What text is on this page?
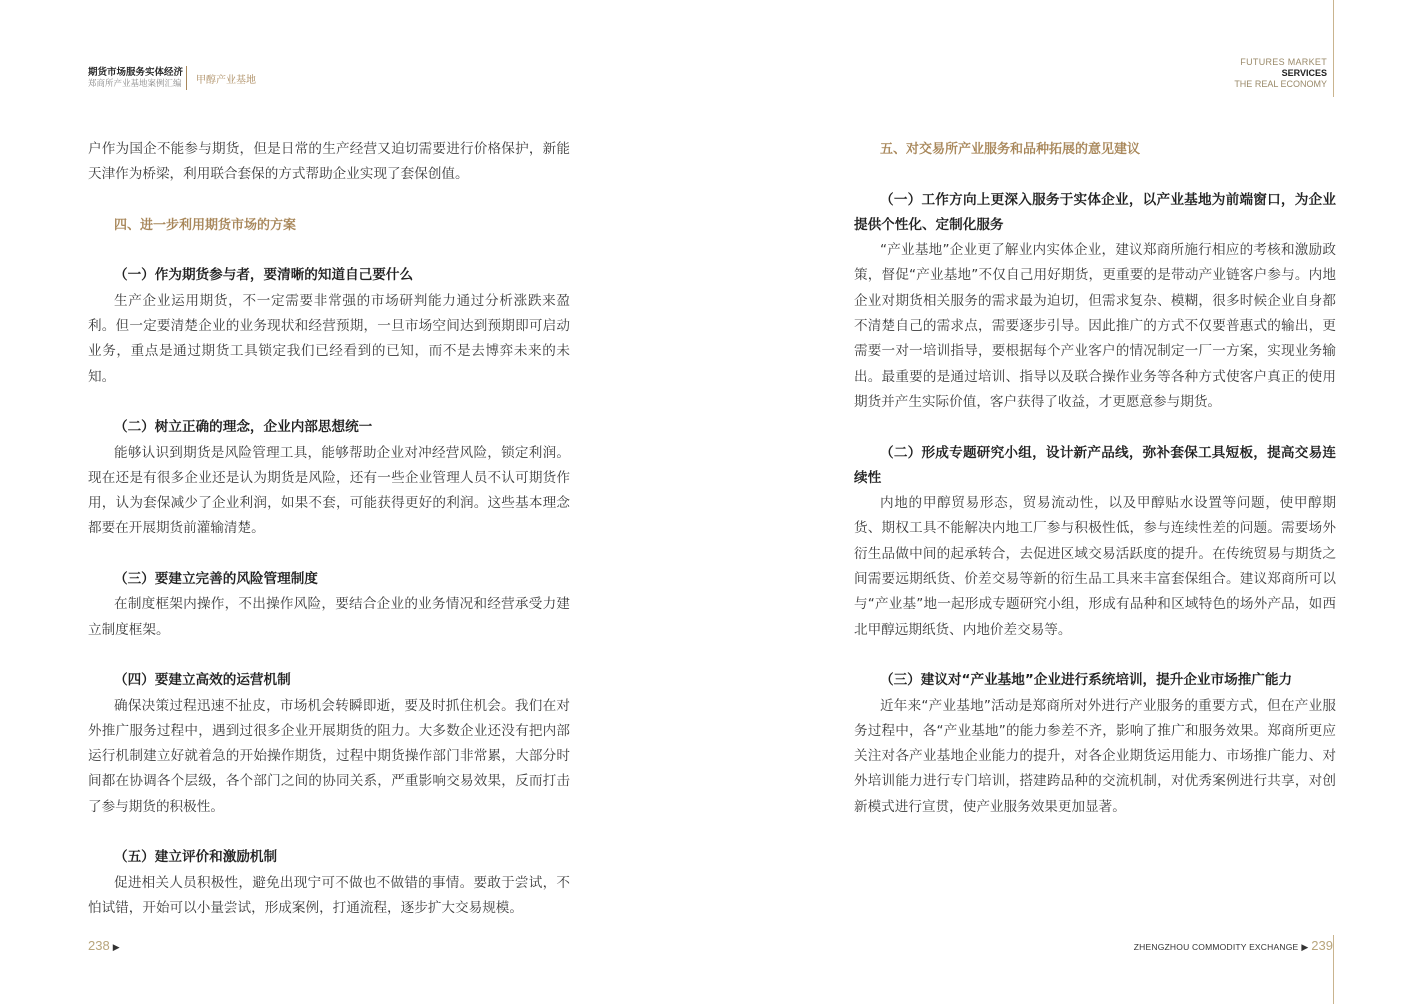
期货市场服务实体经济
郑商所产业基地案例汇编 甲醇产业基地
FUTURES MARKET
SERVICES
THE REAL ECONOMY

户作为国企不能参与期货，但是日常的生产经营又迫切需要进行价格保护，新能天津作为桥梁，利用联合套保的方式帮助企业实现了套保创值。

四、进一步利用期货市场的方案

（一）作为期货参与者，要清晰的知道自己要什么

生产企业运用期货，不一定需要非常强的市场研判能力通过分析涨跌来盈利。但一定要清楚企业的业务现状和经营预期，一旦市场空间达到预期即可启动业务，重点是通过期货工具锁定我们已经看到的已知，而不是去博弈未来的未知。

（二）树立正确的理念，企业内部思想统一

能够认识到期货是风险管理工具，能够帮助企业对冲经营风险，锁定利润。现在还是有很多企业还是认为期货是风险，还有一些企业管理人员不认可期货作用，认为套保减少了企业利润，如果不套，可能获得更好的利润。这些基本理念都要在开展期货前灌输清楚。

（三）要建立完善的风险管理制度

在制度框架内操作，不出操作风险，要结合企业的业务情况和经营承受力建立制度框架。

（四）要建立高效的运营机制

确保决策过程迅速不扯皮，市场机会转瞬即逝，要及时抓住机会。我们在对外推广服务过程中，遇到过很多企业开展期货的阻力。大多数企业还没有把内部运行机制建立好就着急的开始操作期货，过程中期货操作部门非常累，大部分时间都在协调各个层级，各个部门之间的协同关系，严重影响交易效果，反而打击了参与期货的积极性。

（五）建立评价和激励机制

促进相关人员积极性，避免出现宁可不做也不做错的事情。要敢于尝试，不怕试错，开始可以小量尝试，形成案例，打通流程，逐步扩大交易规模。

五、对交易所产业服务和品种拓展的意见建议

（一）工作方向上更深入服务于实体企业，以产业基地为前端窗口，为企业提供个性化、定制化服务

“产业基地”企业更了解业内实体企业，建议郑商所施行相应的考核和激励政策，督促“产业基地”不仅自己用好期货，更重要的是带动产业链客户参与。内地企业对期货相关服务的需求最为迫切，但需求复杂、模糊，很多时候企业自身都不清楚自己的需求点，需要逐步引导。因此推广的方式不仅要普惠式的输出，更需要一对一培训指导，要根据每个产业客户的情况制定一厂一方案，实现业务输出。最重要的是通过培训、指导以及联合操作业务等各种方式使客户真正的使用期货并产生实际价值，客户获得了收益，才更愿意参与期货。

（二）形成专题研究小组，设计新产品线，弥补套保工具短板，提高交易连续性

内地的甲醇贸易形态，贸易流动性，以及甲醇贴水设置等问题，使甲醇期货、期权工具不能解决内地工厂参与积极性低，参与连续性差的问题。需要场外衍生品做中间的起承转合，去促进区域交易活跃度的提升。在传统贸易与期货之间需要远期纸货、价差交易等新的衍生品工具来丰富套保组合。建议郑商所可以与“产业基”地一起形成专题研究小组，形成有品种和区域特色的场外产品，如西北甲醇远期纸货、内地价差交易等。

（三）建议对“产业基地”企业进行系统培训，提升企业市场推广能力

近年来“产业基地”活动是郑商所对外进行产业服务的重要方式，但在产业服务过程中，各“产业基地”的能力参差不齐，影响了推广和服务效果。郑商所更应关注对各产业基地企业能力的提升，对各企业期货运用能力、市场推广能力、对外培训能力进行专门培训，搭建跨品种的交流机制，对优秀案例进行共享，对创新模式进行宣贯，使产业服务效果更加显著。

238 ▶	ZHENGZHOU COMMODITY EXCHANGE ▶ 239
